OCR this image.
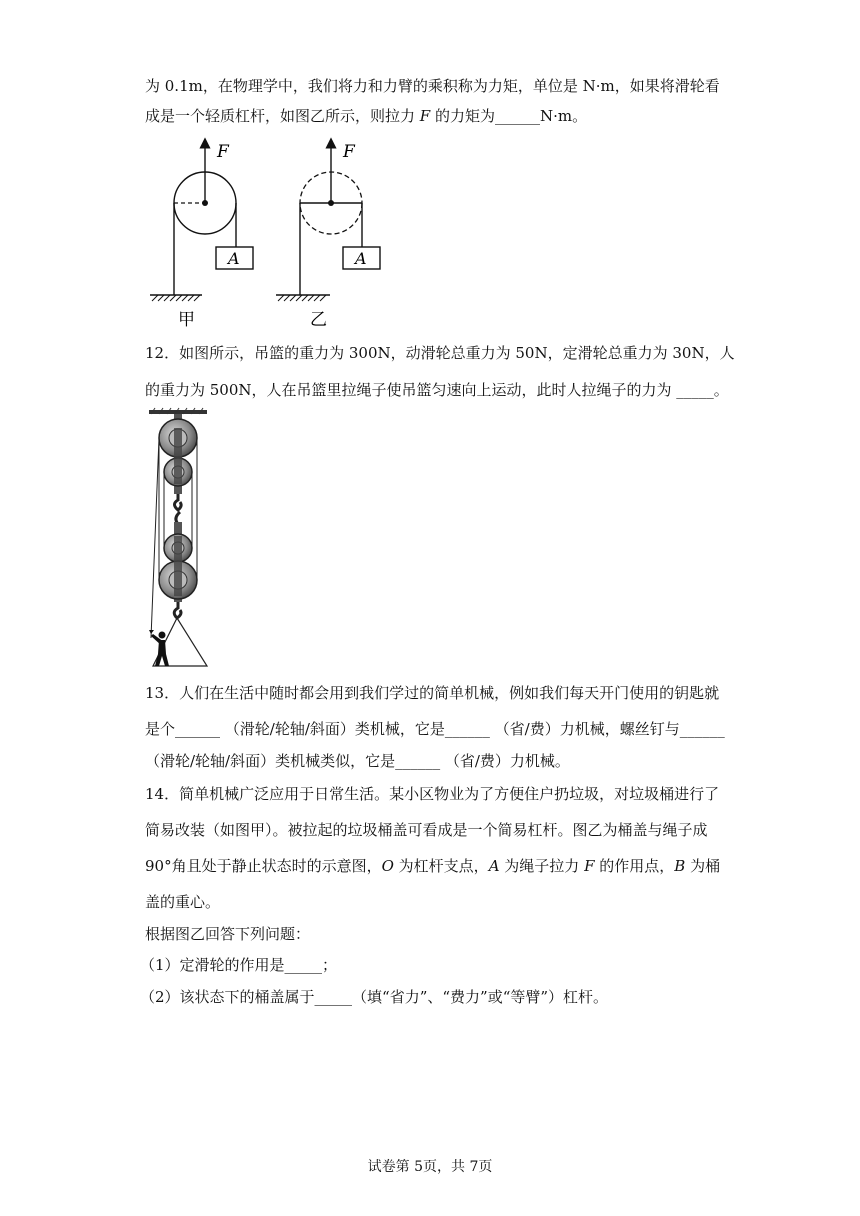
为 0.1m，在物理学中，我们将力和力臂的乘积称为力矩，单位是 N·m，如果将滑轮看
成是一个轻质杠杆，如图乙所示，则拉力 F 的力矩为______N·m。
F
A
甲
F
A
乙
12．如图所示，吊篮的重力为 300N，动滑轮总重力为 50N，定滑轮总重力为 30N，人
的重力为 500N，人在吊篮里拉绳子使吊篮匀速向上运动，此时人拉绳子的力为 _____。
13．人们在生活中随时都会用到我们学过的简单机械，例如我们每天开门使用的钥匙就
是个______ （滑轮/轮轴/斜面）类机械，它是______ （省/费）力机械，螺丝钉与______
（滑轮/轮轴/斜面）类机械类似，它是______ （省/费）力机械。
14．简单机械广泛应用于日常生活。某小区物业为了方便住户扔垃圾，对垃圾桶进行了
简易改装（如图甲）。被拉起的垃圾桶盖可看成是一个简易杠杆。图乙为桶盖与绳子成
90°角且处于静止状态时的示意图，O 为杠杆支点，A 为绳子拉力 F 的作用点，B 为桶
盖的重心。
根据图乙回答下列问题：
（1）定滑轮的作用是_____；
（2）该状态下的桶盖属于_____（填“省力”、“费力”或“等臂”）杠杆。
试卷第 5页，共 7页
